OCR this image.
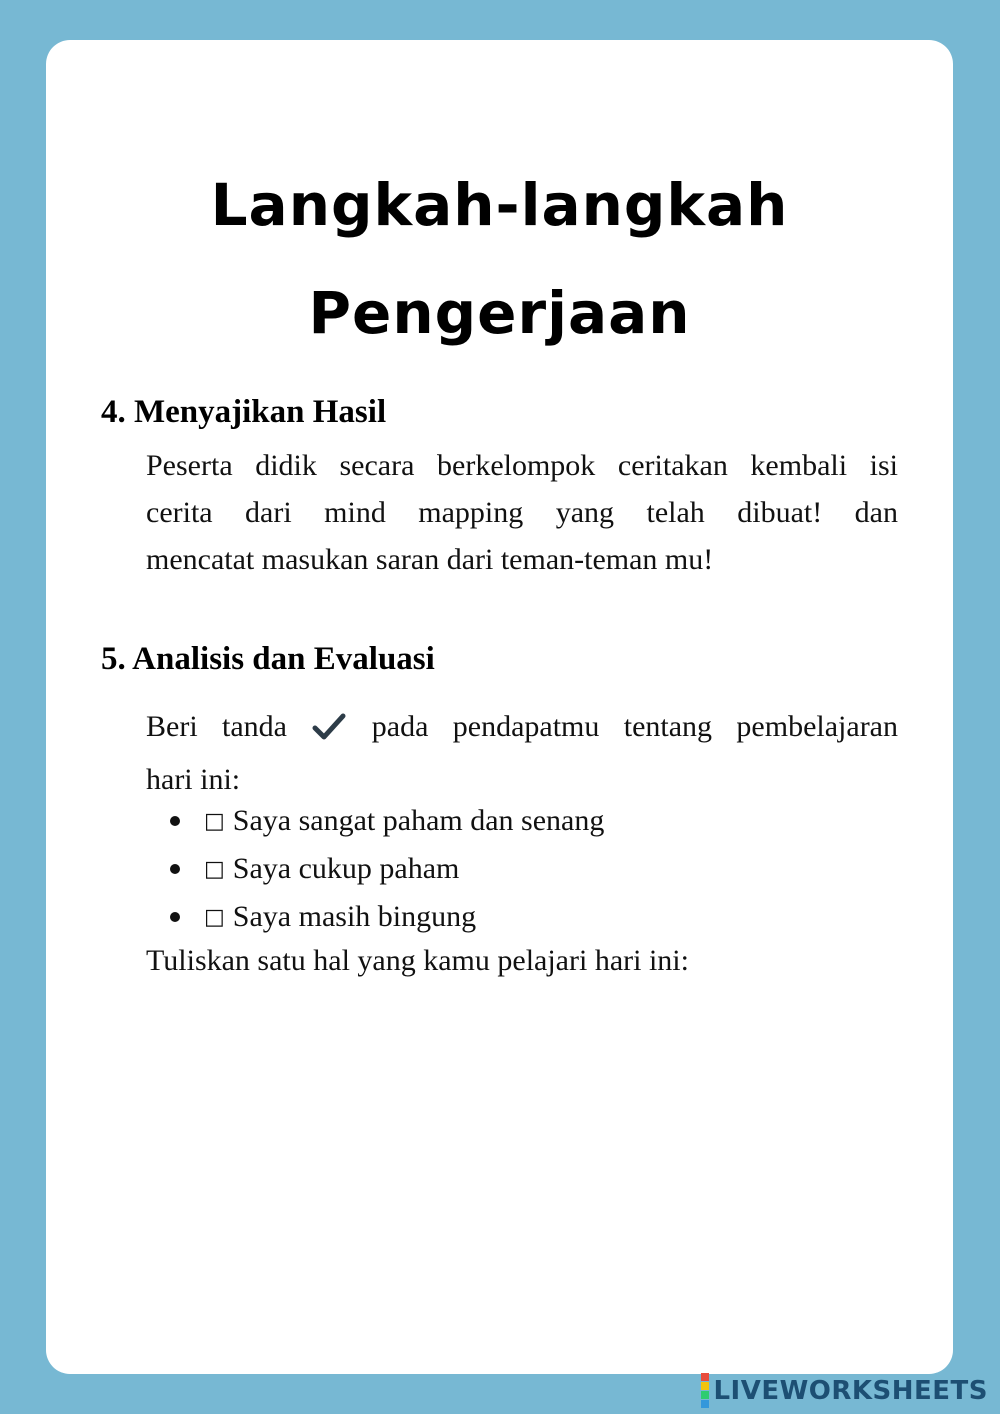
Langkah-langkah
Pengerjaan
4. Menyajikan Hasil

Peserta didik secara berkelompok ceritakan kembali isi
cerita dari mind mapping yang telah dibuat! dan
mencatat masukan saran dari teman-teman mu!

5. Analisis dan Evaluasi

Beri tanda	pada pendapatmu tentang pembelajaran
hari ini:

□ Saya sangat paham dan senang
□ Saya cukup paham
□ Saya masih bingung

Tuliskan satu hal yang kamu pelajari hari ini:

LIVEWORKSHEETS
